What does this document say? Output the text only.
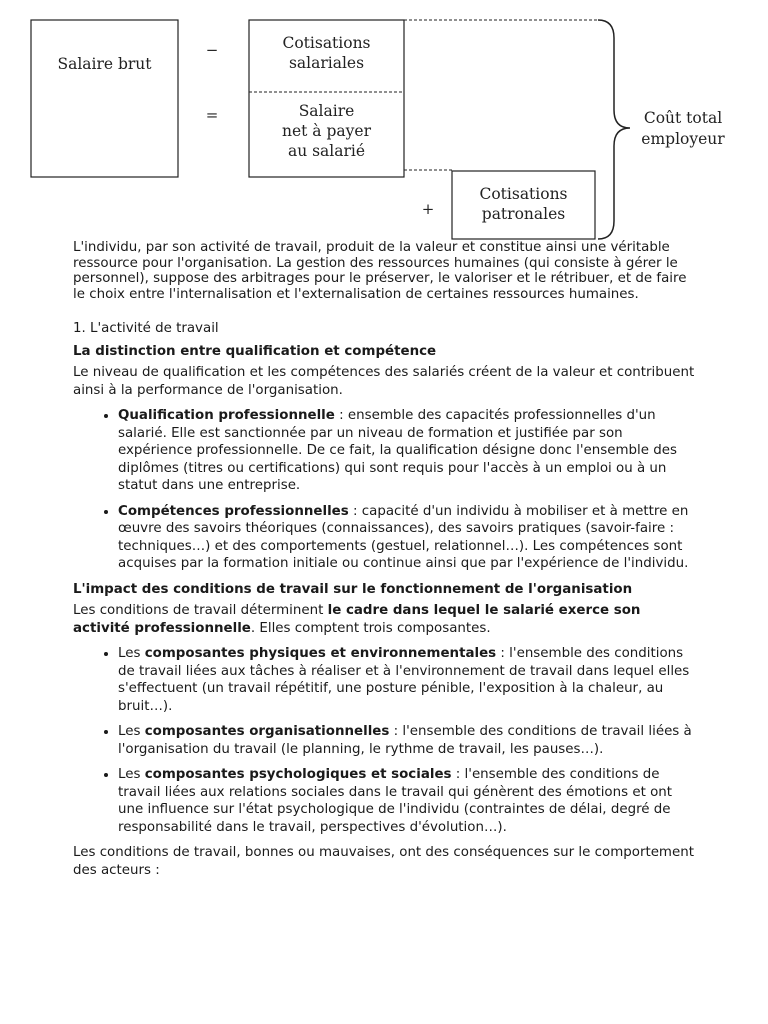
Salaire brut
−
=
+
Cotisations
salariales
Salaire
net à payer
au salarié
Cotisations
patronales
Coût total
employeur

L'individu, par son activité de travail, produit de la valeur et constitue ainsi une véritable ressource pour l'organisation. La gestion des ressources humaines (qui consiste à gérer le personnel), suppose des arbitrages pour le préserver, le valoriser et le rétribuer, et de faire le choix entre l'internalisation et l'externalisation de certaines ressources humaines.

1. L'activité de travail

La distinction entre qualification et compétence

Le niveau de qualification et les compétences des salariés créent de la valeur et contribuent ainsi à la performance de l'organisation.

• Qualification professionnelle : ensemble des capacités professionnelles d'un salarié. Elle est sanctionnée par un niveau de formation et justifiée par son expérience professionnelle. De ce fait, la qualification désigne donc l'ensemble des diplômes (titres ou certifications) qui sont requis pour l'accès à un emploi ou à un statut dans une entreprise.
• Compétences professionnelles : capacité d'un individu à mobiliser et à mettre en œuvre des savoirs théoriques (connaissances), des savoirs pratiques (savoir-faire : techniques…) et des comportements (gestuel, relationnel…). Les compétences sont acquises par la formation initiale ou continue ainsi que par l'expérience de l'individu.
L'impact des conditions de travail sur le fonctionnement de l'organisation

Les conditions de travail déterminent le cadre dans lequel le salarié exerce son activité professionnelle. Elles comptent trois composantes.

• Les composantes physiques et environnementales : l'ensemble des conditions de travail liées aux tâches à réaliser et à l'environnement de travail dans lequel elles s'effectuent (un travail répétitif, une posture pénible, l'exposition à la chaleur, au bruit…).
• Les composantes organisationnelles : l'ensemble des conditions de travail liées à l'organisation du travail (le planning, le rythme de travail, les pauses…).
• Les composantes psychologiques et sociales : l'ensemble des conditions de travail liées aux relations sociales dans le travail qui génèrent des émotions et ont une influence sur l'état psychologique de l'individu (contraintes de délai, degré de responsabilité dans le travail, perspectives d'évolution…).

Les conditions de travail, bonnes ou mauvaises, ont des conséquences sur le comportement des acteurs :
